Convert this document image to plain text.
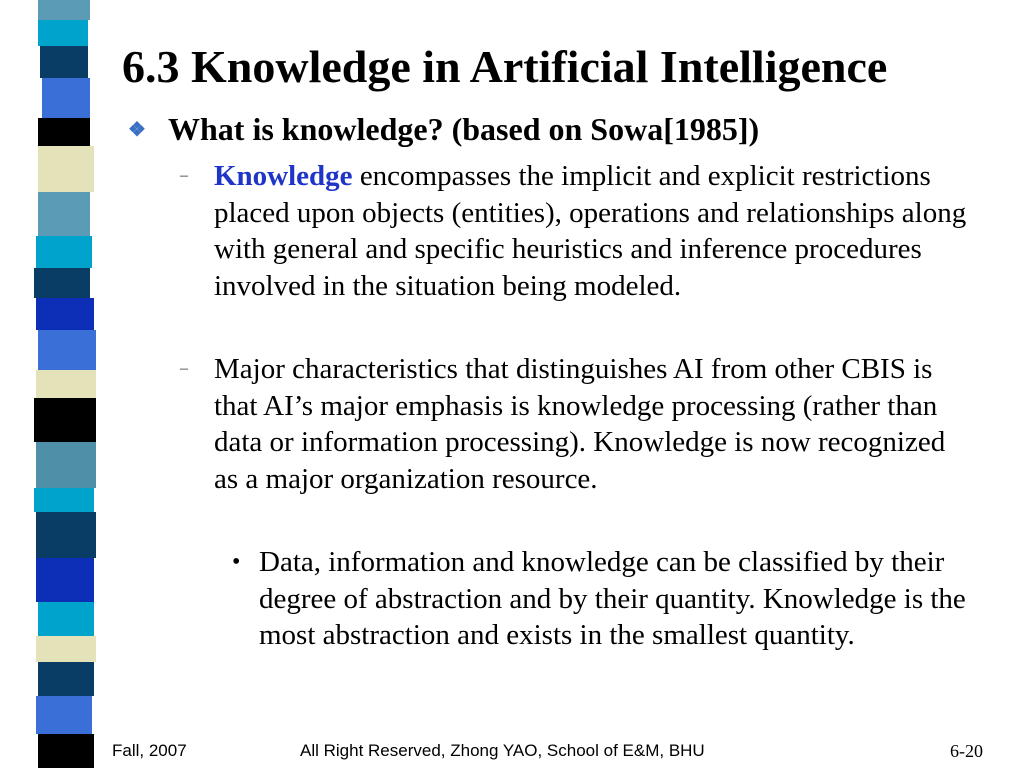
6.3 Knowledge in Artificial Intelligence
❖ What is knowledge? (based on Sowa[1985])
– Knowledge encompasses the implicit and explicit restrictions placed upon objects (entities), operations and relationships along with general and specific heuristics and inference procedures involved in the situation being modeled.
– Major characteristics that distinguishes AI from other CBIS is that AI’s major emphasis is knowledge processing (rather than data or information processing). Knowledge is now recognized as a major organization resource.
• Data, information and knowledge can be classified by their degree of abstraction and by their quantity. Knowledge is the most abstraction and exists in the smallest quantity.
Fall, 2007	All Right Reserved, Zhong YAO, School of E&M, BHU	6-20
